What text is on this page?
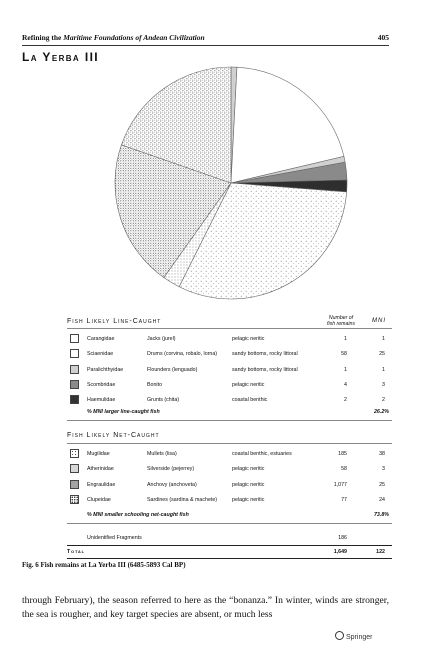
Refining the Maritime Foundations of Andean Civilization	405
La Yerba III
Number of
fish remains	MNI
Fish Likely Line-Caught
Carangidae	Jacks (jurel)	pelagic neritic	1	1
Sciaenidae	Drums (corvina, robalo, lorna)	sandy bottoms, rocky littoral	58	25
Paralichthyidae	Flounders (lenguado)	sandy bottoms, rocky littoral	1	1
Scombridae	Bonito	pelagic neritic	4	3
Haemulidae	Grunts (chita)	coastal benthic	2	2
% MNI larger line-caught fish	26.2%
Fish Likely Net-Caught
Mugilidae	Mullets (lisa)	coastal benthic, estuaries	185	38
Atherinidae	Silverside (pejerrey)	pelagic neritic	58	3
Engraulidae	Anchovy (anchoveta)	pelagic neritic	1,077	25
Clupeidae	Sardines (sardina & machete)	pelagic neritic	77	24
% MNI smaller schooling net-caught fish	73.8%
Unidentified Fragments	186
Total	1,649	122
Fig. 6 Fish remains at La Yerba III (6485-5893 Cal BP)
through February), the season referred to here as the “bonanza.” In winter, winds are stronger, the sea is rougher, and key target species are absent, or much less
Springer
